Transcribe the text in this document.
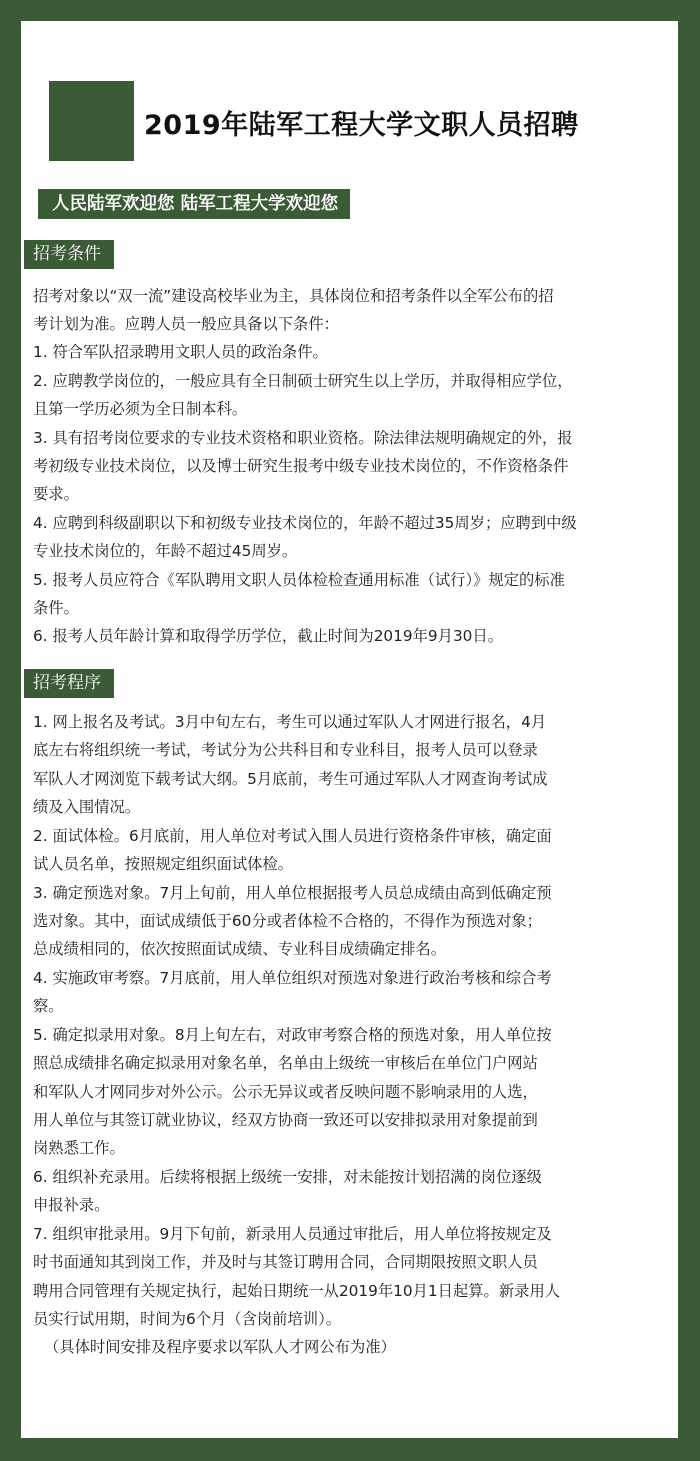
2019年陆军工程大学文职人员招聘
人民陆军欢迎您 陆军工程大学欢迎您
招考条件
招考对象以“双一流”建设高校毕业为主，具体岗位和招考条件以全军公布的招
考计划为准。应聘人员一般应具备以下条件：
1. 符合军队招录聘用文职人员的政治条件。
2. 应聘教学岗位的，一般应具有全日制硕士研究生以上学历，并取得相应学位，
且第一学历必须为全日制本科。
3. 具有招考岗位要求的专业技术资格和职业资格。除法律法规明确规定的外，报
考初级专业技术岗位，以及博士研究生报考中级专业技术岗位的，不作资格条件
要求。
4. 应聘到科级副职以下和初级专业技术岗位的，年龄不超过35周岁；应聘到中级
专业技术岗位的，年龄不超过45周岁。
5. 报考人员应符合《军队聘用文职人员体检检查通用标准（试行）》规定的标准
条件。
6. 报考人员年龄计算和取得学历学位，截止时间为2019年9月30日。
招考程序
1. 网上报名及考试。3月中旬左右，考生可以通过军队人才网进行报名，4月
底左右将组织统一考试，考试分为公共科目和专业科目，报考人员可以登录
军队人才网浏览下载考试大纲。5月底前，考生可通过军队人才网查询考试成
绩及入围情况。
2. 面试体检。6月底前，用人单位对考试入围人员进行资格条件审核，确定面
试人员名单，按照规定组织面试体检。
3. 确定预选对象。7月上旬前，用人单位根据报考人员总成绩由高到低确定预
选对象。其中，面试成绩低于60分或者体检不合格的，不得作为预选对象；
总成绩相同的，依次按照面试成绩、专业科目成绩确定排名。
4. 实施政审考察。7月底前，用人单位组织对预选对象进行政治考核和综合考
察。
5. 确定拟录用对象。8月上旬左右，对政审考察合格的预选对象，用人单位按
照总成绩排名确定拟录用对象名单，名单由上级统一审核后在单位门户网站
和军队人才网同步对外公示。公示无异议或者反映问题不影响录用的人选，
用人单位与其签订就业协议，经双方协商一致还可以安排拟录用对象提前到
岗熟悉工作。
6. 组织补充录用。后续将根据上级统一安排，对未能按计划招满的岗位逐级
申报补录。
7. 组织审批录用。9月下旬前，新录用人员通过审批后，用人单位将按规定及
时书面通知其到岗工作，并及时与其签订聘用合同，合同期限按照文职人员
聘用合同管理有关规定执行，起始日期统一从2019年10月1日起算。新录用人
员实行试用期，时间为6个月（含岗前培训）。
（具体时间安排及程序要求以军队人才网公布为准）
